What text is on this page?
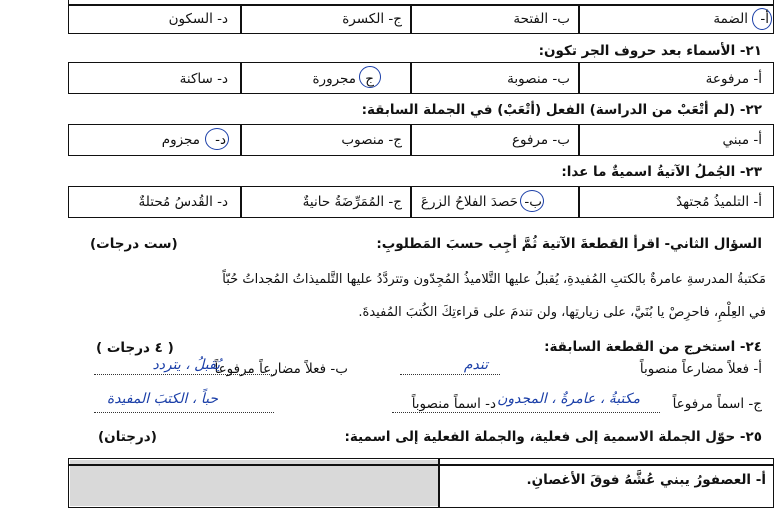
أ-
الضمة
ب- الفتحة
ج- الكسرة
د- السكون
٢١- الأسماء بعد حروف الجر تكون:
أ- مرفوعة
ب- منصوبة
ج
مجرورة
د- ساكنة
٢٢- (لم أتْعَبْ من الدراسة) الفعل (أتْعَبْ) في الجملة السابقة:
أ- مبني
ب- مرفوع
ج- منصوب
د-
مجزوم
٢٣- الجُملُ الآتيةُ اسميةٌ ما عدا:
أ- التلميذُ مُجتهدٌ
ب-
حَصدَ الفلاحُ الزرعَ
ج- المُمَرِّضَةُ حانيةٌ
د- القُدسُ مُحتلةٌ
السؤال الثاني- اقرأ القطعةَ الآتية ثُمَّ أجِب حسبَ المَطلوبِ:
(ست درجات)
مَكتبةُ المدرسةِ عامرةٌ بالكتبِ المُفيدةِ، يُقبلُ عليها التَّلاميذُ المُجِدّون وتتردَّدُ عليها التَّلميذاتُ المُجداتُ حُبّاً
في العِلْمِ، فاحرِصْ يا بُنَيَّ، على زيارتِها، ولن تندمَ على قراءتِكَ الكُتبَ المُفيدةَ.
٢٤- استخرج من القطعة السابقة:
( ٤ درجات )
أ- فعلاً مضارعاً منصوباً
تندم
ب- فعلاً مضارعاً مرفوعاً
يُقبلُ ، يتردد
ج- اسماً مرفوعاً
مكتبةُ ، عامرةٌ ، المجدون
د- اسماً منصوباً
حباً ، الكتبَ المفيدة
٢٥- حوّل الجملة الاسمية إلى فعلية، والجملة الفعلية إلى اسمية:
(درجتان)
أ- العصفورُ يبني عُشَّهُ فوقَ الأغصانِ.
